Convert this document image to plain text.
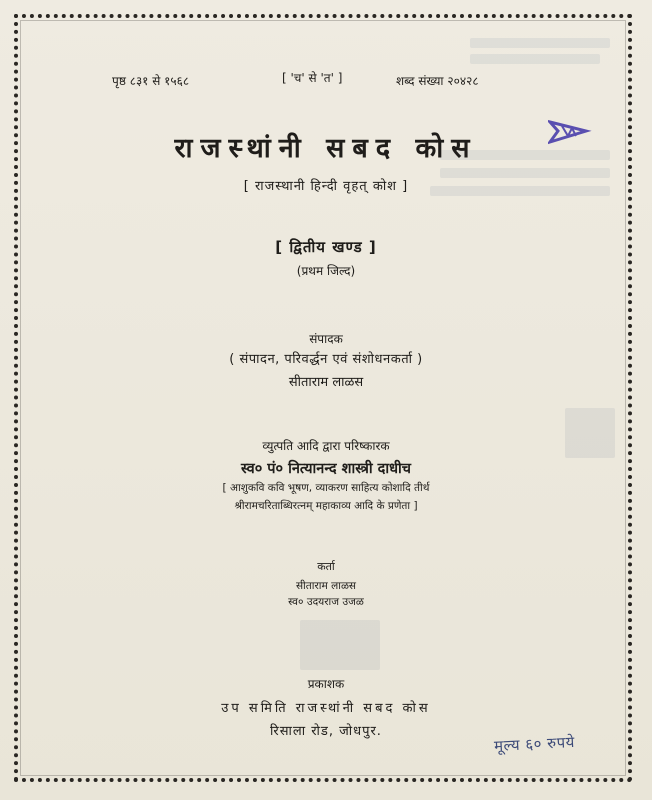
पृष्ठ ८३१ से १५६८	[ 'च' से 'त' ]	शब्द संख्या २०४२८
राजस्थांनी सबद कोस
[ राजस्थानी हिन्दी वृहत् कोश ]
[ द्वितीय खण्ड ]
(प्रथम जिल्द)
संपादक
( संपादन, परिवर्द्धन एवं संशोधनकर्ता )
सीताराम लाळस
व्युत्पति आदि द्वारा परिष्कारक
स्व० पं० नित्यानन्द शास्त्री दाधीच
[ आशुकवि कवि भूषण, व्याकरण साहित्य कोशादि तीर्थ
श्रीरामचरिताब्धिरत्नम् महाकाव्य आदि के प्रणेता ]
कर्ता
सीताराम लाळस
स्व० उदयराज उजळ
प्रकाशक
उप समिति राजस्थांनी सबद कोस
रिसाला रोड, जोधपुर.
मूल्य ६० रुपये
